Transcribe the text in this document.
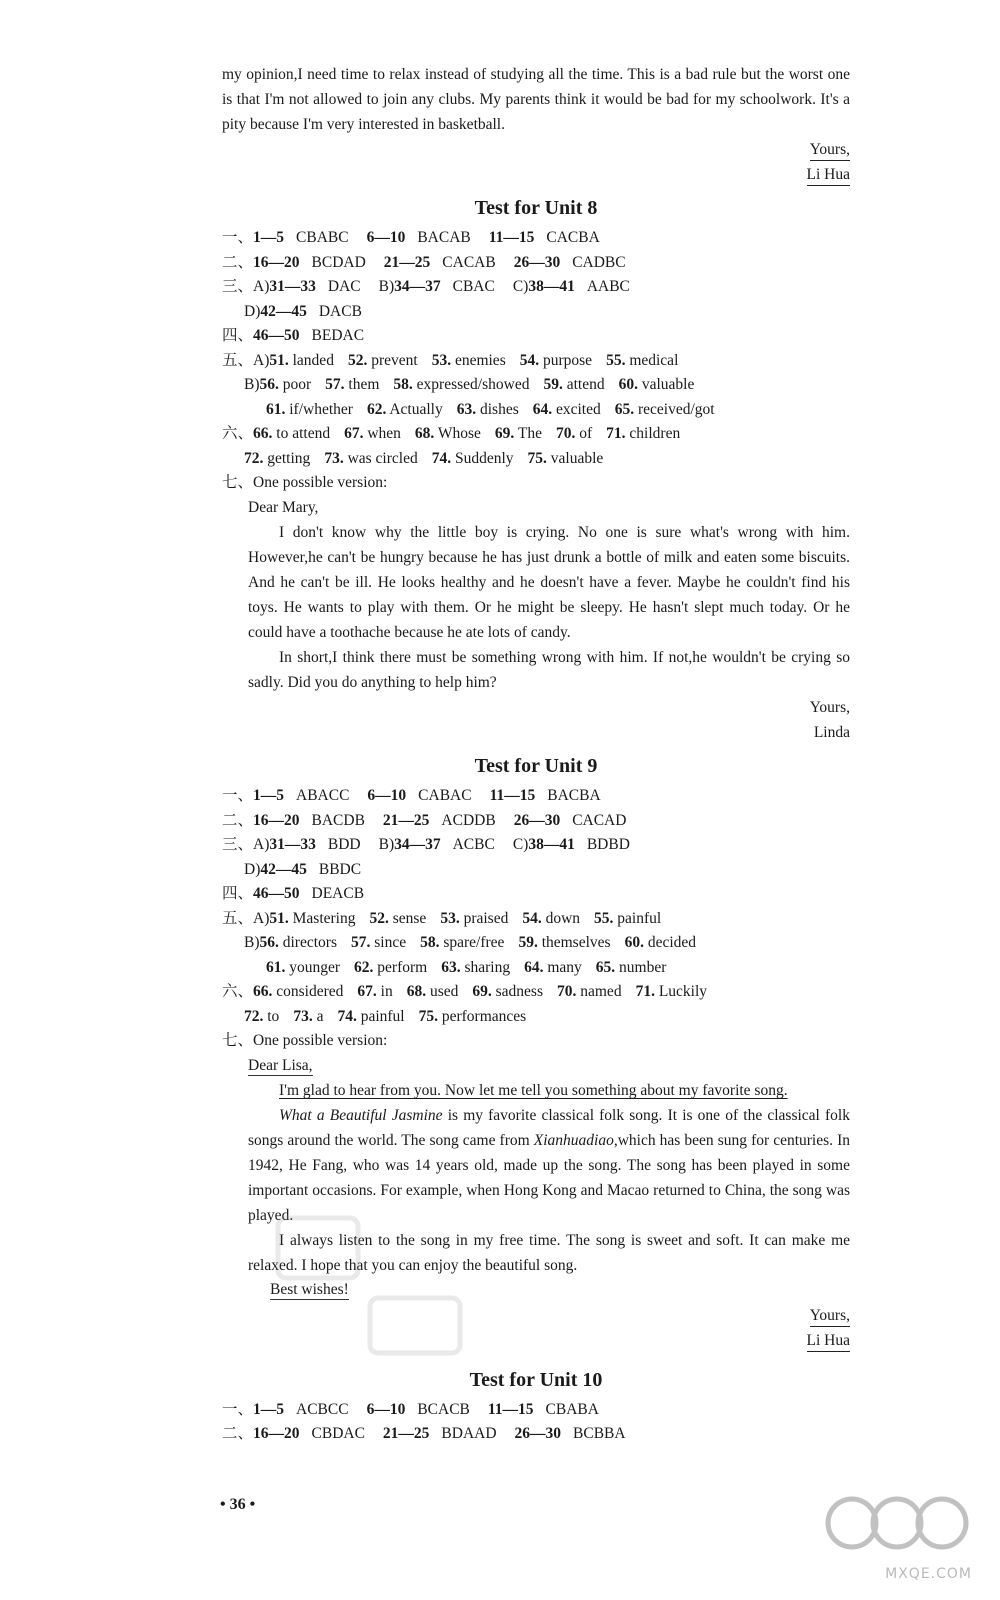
my opinion,I need time to relax instead of studying all the time. This is a bad rule but the worst one is that I'm not allowed to join any clubs. My parents think it would be bad for my schoolwork. It's a pity because I'm very interested in basketball.

Yours,
Li Hua
Test for Unit 8
一、1—5 CBABC 6—10 BACAB 11—15 CACBA
二、16—20 BCDAD 21—25 CACAB 26—30 CADBC
三、A)31—33 DAC B)34—37 CBAC C)38—41 AABC
D)42—45 DACB
四、46—50 BEDAC
五、A)51. landed 52. prevent 53. enemies 54. purpose 55. medical
B)56. poor 57. them 58. expressed/showed 59. attend 60. valuable
61. if/whether 62. Actually 63. dishes 64. excited 65. received/got
六、66. to attend 67. when 68. Whose 69. The 70. of 71. children
72. getting 73. was circled 74. Suddenly 75. valuable
七、One possible version:
Dear Mary,

I don't know why the little boy is crying. No one is sure what's wrong with him. However,he can't be hungry because he has just drunk a bottle of milk and eaten some biscuits. And he can't be ill. He looks healthy and he doesn't have a fever. Maybe he couldn't find his toys. He wants to play with them. Or he might be sleepy. He hasn't slept much today. Or he could have a toothache because he ate lots of candy.

In short,I think there must be something wrong with him. If not,he wouldn't be crying so sadly. Did you do anything to help him?

Yours,
Linda
Test for Unit 9
一、1—5 ABACC 6—10 CABAC 11—15 BACBA
二、16—20 BACDB 21—25 ACDDB 26—30 CACAD
三、A)31—33 BDD B)34—37 ACBC C)38—41 BDBD
D)42—45 BBDC
四、46—50 DEACB
五、A)51. Mastering 52. sense 53. praised 54. down 55. painful
B)56. directors 57. since 58. spare/free 59. themselves 60. decided
61. younger 62. perform 63. sharing 64. many 65. number
六、66. considered 67. in 68. used 69. sadness 70. named 71. Luckily
72. to 73. a 74. painful 75. performances
七、One possible version:
Dear Lisa,

I'm glad to hear from you. Now let me tell you something about my favorite song.

What a Beautiful Jasmine is my favorite classical folk song. It is one of the classical folk songs around the world. The song came from Xianhuadiao,which has been sung for centuries. In 1942, He Fang, who was 14 years old, made up the song. The song has been played in some important occasions. For example, when Hong Kong and Macao returned to China, the song was played.

I always listen to the song in my free time. The song is sweet and soft. It can make me relaxed. I hope that you can enjoy the beautiful song.

Best wishes!
Yours,
Li Hua
Test for Unit 10
一、1—5 ACBCC 6—10 BCACB 11—15 CBABA
二、16—20 CBDAC 21—25 BDAAD 26—30 BCBBA
• 36 •
MXQE.COM
